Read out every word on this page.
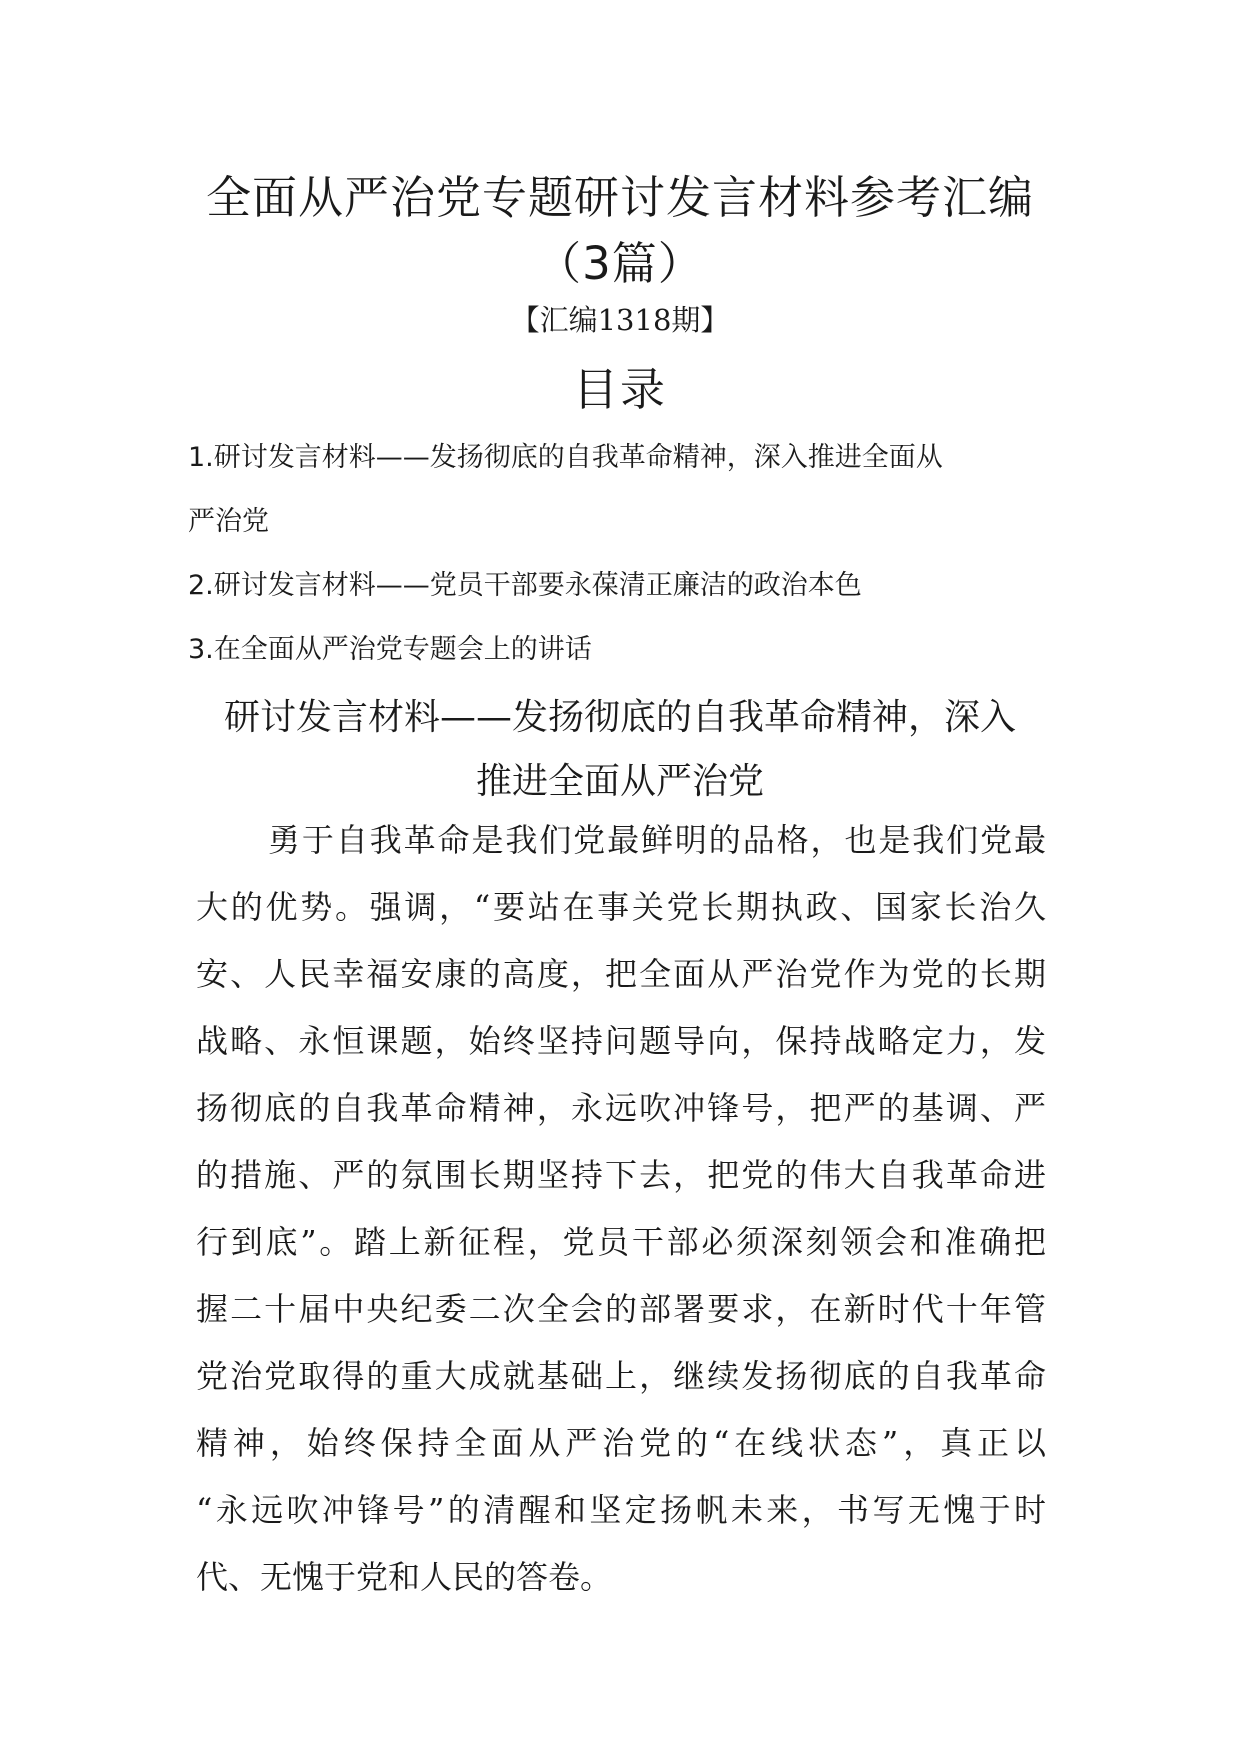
全面从严治党专题研讨发言材料参考汇编
（3篇）
【汇编1318期】
目录
1.研讨发言材料——发扬彻底的自我革命精神，深入推进全面从
严治党
2.研讨发言材料——党员干部要永葆清正廉洁的政治本色
3.在全面从严治党专题会上的讲话
研讨发言材料——发扬彻底的自我革命精神，深入
推进全面从严治党
勇于自我革命是我们党最鲜明的品格，也是我们党最
大的优势。强调，“要站在事关党长期执政、国家长治久
安、人民幸福安康的高度，把全面从严治党作为党的长期
战略、永恒课题，始终坚持问题导向，保持战略定力，发
扬彻底的自我革命精神，永远吹冲锋号，把严的基调、严
的措施、严的氛围长期坚持下去，把党的伟大自我革命进
行到底”。踏上新征程，党员干部必须深刻领会和准确把
握二十届中央纪委二次全会的部署要求，在新时代十年管
党治党取得的重大成就基础上，继续发扬彻底的自我革命
精神，始终保持全面从严治党的“在线状态”，真正以
“永远吹冲锋号”的清醒和坚定扬帆未来，书写无愧于时
代、无愧于党和人民的答卷。
